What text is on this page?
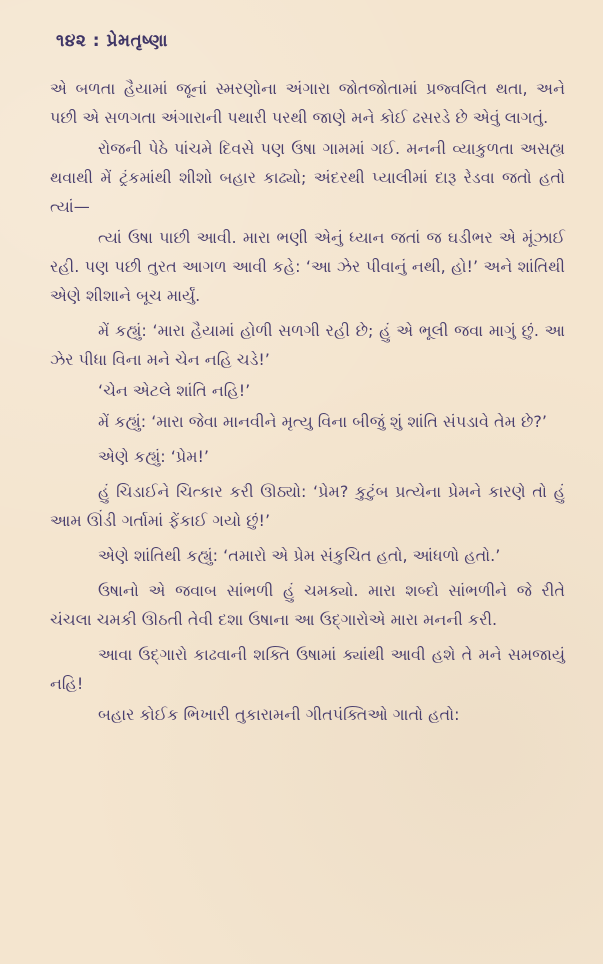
૧૪૨ : પ્રેમતૃષ્ણા

એ બળતા હૈયામાં જૂનાં સ્મરણોના અંગારા જોતજોતામાં પ્રજ્વલિત થતા, અને પછી એ સળગતા અંગારાની પથારી પરથી જાણે મને કોઈ ઢસરડે છે એવું લાગતું.

રોજની પેઠે પાંચમે દિવસે પણ ઉષા ગામમાં ગઈ. મનની વ્યાકુળતા અસહ્ય થવાથી મેં ટ્રંકમાંથી શીશો બહાર કાઢ્યો; અંદરથી પ્યાલીમાં દારૂ રેડવા જતો હતો ત્યાં—

ત્યાં ઉષા પાછી આવી. મારા ભણી એનું ધ્યાન જતાં જ ઘડીભર એ મૂંઝાઈ રહી. પણ પછી તુરત આગળ આવી કહે: ‘આ ઝેર પીવાનું નથી, હો!’ અને શાંતિથી એણે શીશાને બૂચ માર્યું.

મેં કહ્યું: ‘મારા હૈયામાં હોળી સળગી રહી છે; હું એ ભૂલી જવા માગું છું. આ ઝેર પીધા વિના મને ચેન નહિ ચડે!’

‘ચેન એટલે શાંતિ નહિ!’

મેં કહ્યું: ‘મારા જેવા માનવીને મૃત્યુ વિના બીજું શું શાંતિ સંપડાવે તેમ છે?’

એણે કહ્યું: ‘પ્રેમ!’

હું ચિડાઈને ચિત્કાર કરી ઊઠ્યો: ‘પ્રેમ? કુટુંબ પ્રત્યેના પ્રેમને કારણે તો હું આમ ઊંડી ગર્તામાં ફેંકાઈ ગયો છું!’

એણે શાંતિથી કહ્યું: ‘તમારો એ પ્રેમ સંકુચિત હતો, આંધળો હતો.’

ઉષાનો એ જવાબ સાંભળી હું ચમક્યો. મારા શબ્દો સાંભળીને જે રીતે ચંચલા ચમકી ઊઠતી તેવી દશા ઉષાના આ ઉદ્ગારોએ મારા મનની કરી.

આવા ઉદ્ગારો કાઢવાની શક્તિ ઉષામાં ક્યાંથી આવી હશે તે મને સમજાયું નહિ!

બહાર કોઈક ભિખારી તુકારામની ગીતપંક્તિઓ ગાતો હતો:
